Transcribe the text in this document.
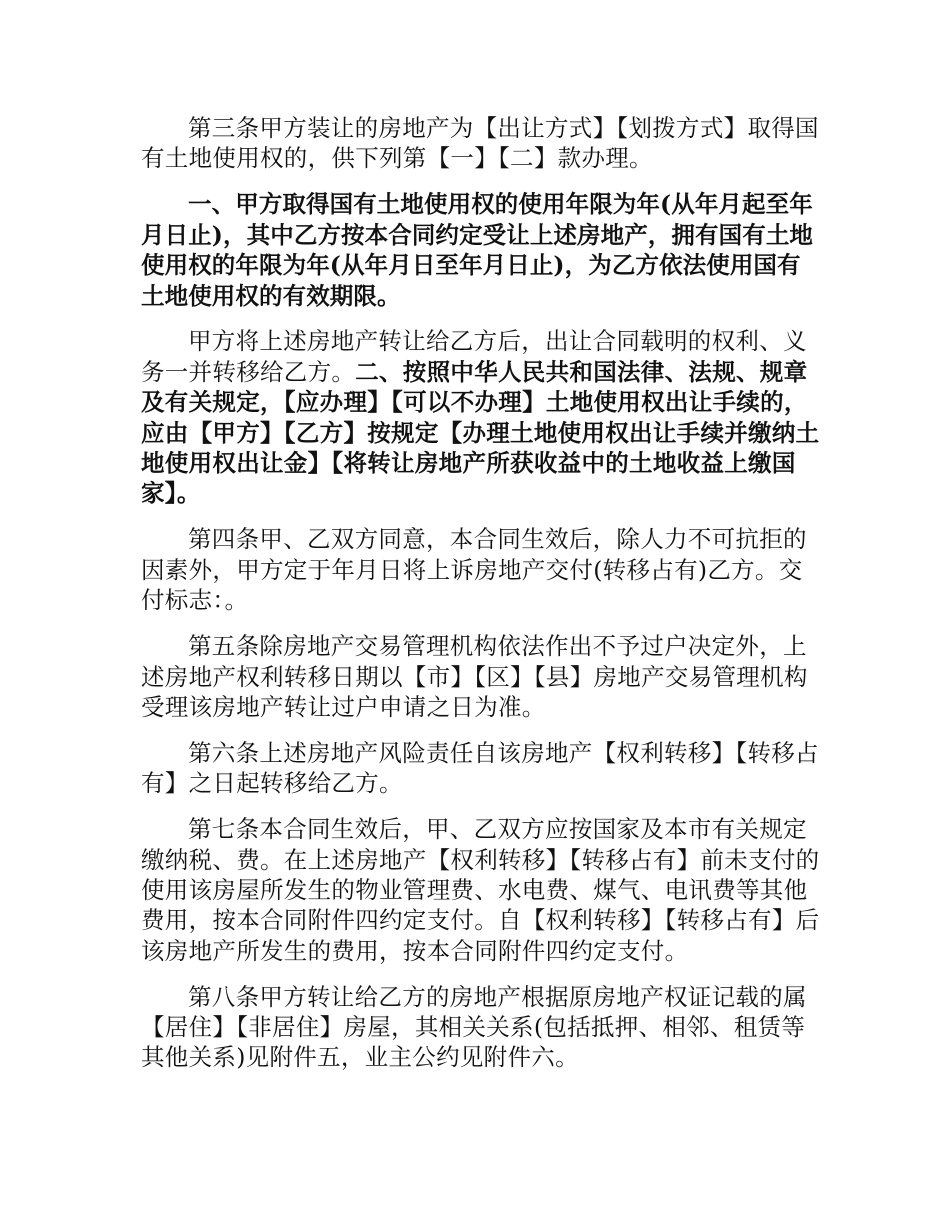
第三条甲方装让的房地产为【出让方式】【划拨方式】取得国有土地使用权的，供下列第【一】【二】款办理。

一、甲方取得国有土地使用权的使用年限为年(从年月起至年月日止)，其中乙方按本合同约定受让上述房地产，拥有国有土地使用权的年限为年(从年月日至年月日止)，为乙方依法使用国有土地使用权的有效期限。

甲方将上述房地产转让给乙方后，出让合同载明的权利、义务一并转移给乙方。二、按照中华人民共和国法律、法规、规章及有关规定，【应办理】【可以不办理】土地使用权出让手续的，应由【甲方】【乙方】按规定【办理土地使用权出让手续并缴纳土地使用权出让金】【将转让房地产所获收益中的土地收益上缴国家】。

第四条甲、乙双方同意，本合同生效后，除人力不可抗拒的因素外，甲方定于年月日将上诉房地产交付(转移占有)乙方。交付标志：。

第五条除房地产交易管理机构依法作出不予过户决定外，上述房地产权利转移日期以【市】【区】【县】房地产交易管理机构受理该房地产转让过户申请之日为准。

第六条上述房地产风险责任自该房地产【权利转移】【转移占有】之日起转移给乙方。

第七条本合同生效后，甲、乙双方应按国家及本市有关规定缴纳税、费。在上述房地产【权利转移】【转移占有】前未支付的使用该房屋所发生的物业管理费、水电费、煤气、电讯费等其他费用，按本合同附件四约定支付。自【权利转移】【转移占有】后该房地产所发生的费用，按本合同附件四约定支付。

第八条甲方转让给乙方的房地产根据原房地产权证记载的属【居住】【非居住】房屋，其相关关系(包括抵押、相邻、租赁等其他关系)见附件五，业主公约见附件六。
